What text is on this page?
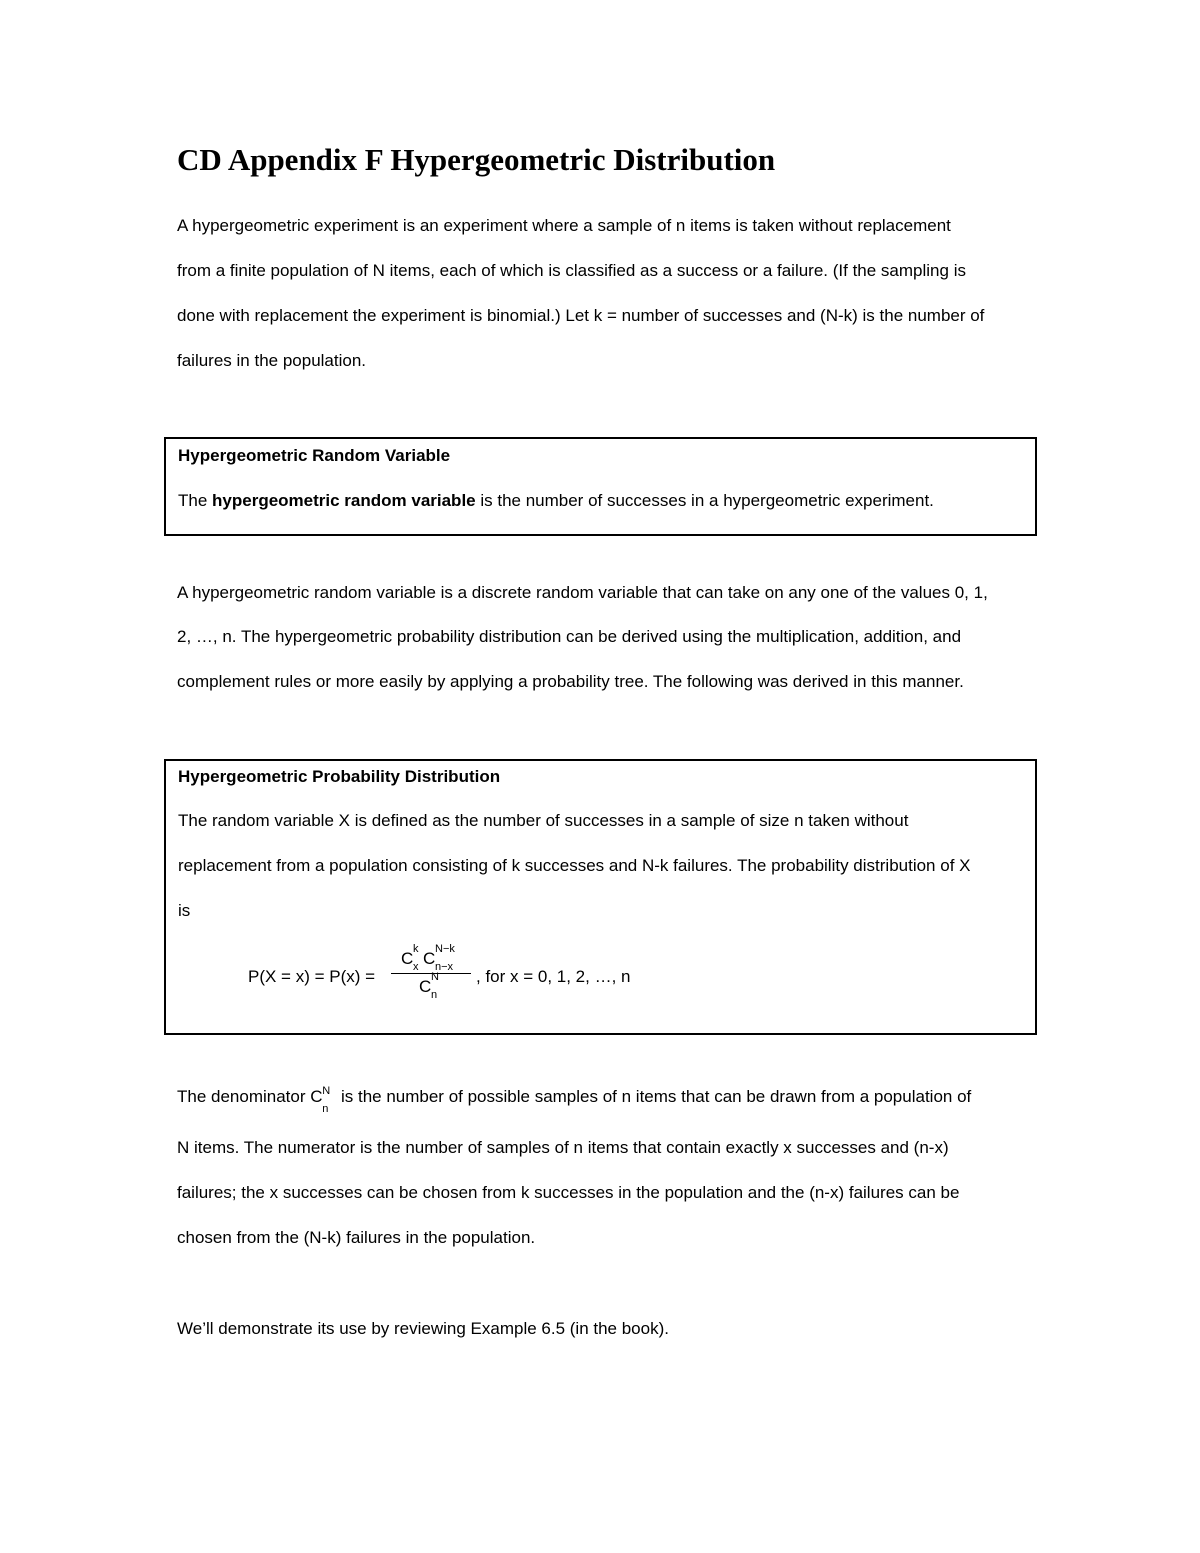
CD Appendix F Hypergeometric Distribution
A hypergeometric experiment is an experiment where a sample of n items is taken without replacement
from a finite population of N items, each of which is classified as a success or a failure. (If the sampling is
done with replacement the experiment is binomial.) Let k = number of successes and (N-k) is the number of
failures in the population.
Hypergeometric Random Variable
The hypergeometric random variable is the number of successes in a hypergeometric experiment.
A hypergeometric random variable is a discrete random variable that can take on any one of the values 0, 1,
2, …, n. The hypergeometric probability distribution can be derived using the multiplication, addition, and
complement rules or more easily by applying a probability tree. The following was derived in this manner.
Hypergeometric Probability Distribution
The random variable X is defined as the number of successes in a sample of size n taken without
replacement from a population consisting of k successes and N-k failures. The probability distribution of X
is
P(X = x) = P(x) =
C k
x C N−k
n−x
C N
n
, for x = 0, 1, 2, …, n
The denominator C N
n
is the number of possible samples of n items that can be drawn from a population of
N items. The numerator is the number of samples of n items that contain exactly x successes and (n-x)
failures; the x successes can be chosen from k successes in the population and the (n-x) failures can be
chosen from the (N-k) failures in the population.
We’ll demonstrate its use by reviewing Example 6.5 (in the book).
